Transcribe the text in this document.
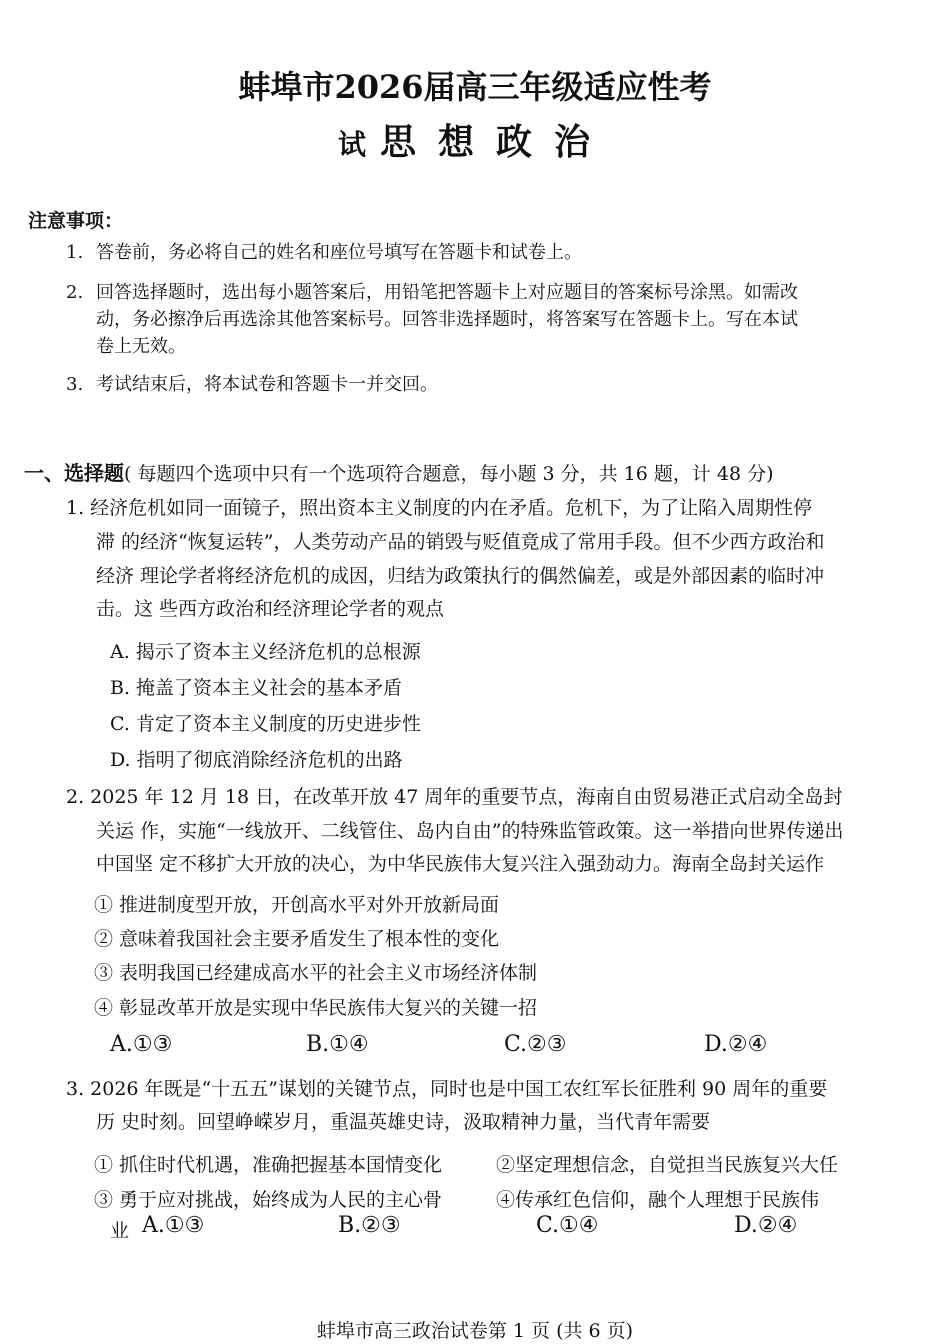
蚌埠市2026届高三年级适应性考
试 思想政治
注意事项：
1. 答卷前，务必将自己的姓名和座位号填写在答题卡和试卷上。
2. 回答选择题时，选出每小题答案后，用铅笔把答题卡上对应题目的答案标号涂黑。如需改
动，务必擦净后再选涂其他答案标号。回答非选择题时，将答案写在答题卡上。写在本试
卷上无效。
3. 考试结束后，将本试卷和答题卡一并交回。
一、选择题( 每题四个选项中只有一个选项符合题意，每小题 3 分，共 16 题，计 48 分)
1. 经济危机如同一面镜子，照出资本主义制度的内在矛盾。危机下，为了让陷入周期性停
滞 的经济“恢复运转”，人类劳动产品的销毁与贬值竟成了常用手段。但不少西方政治和
经济 理论学者将经济危机的成因，归结为政策执行的偶然偏差，或是外部因素的临时冲
击。这 些西方政治和经济理论学者的观点
A. 揭示了资本主义经济危机的总根源
B. 掩盖了资本主义社会的基本矛盾
C. 肯定了资本主义制度的历史进步性
D. 指明了彻底消除经济危机的出路
2. 2025 年 12 月 18 日，在改革开放 47 周年的重要节点，海南自由贸易港正式启动全岛封
关运 作，实施“一线放开、二线管住、岛内自由”的特殊监管政策。这一举措向世界传递出
中国坚 定不移扩大开放的决心，为中华民族伟大复兴注入强劲动力。海南全岛封关运作
① 推进制度型开放，开创高水平对外开放新局面
② 意味着我国社会主要矛盾发生了根本性的变化
③ 表明我国已经建成高水平的社会主义市场经济体制
④ 彰显改革开放是实现中华民族伟大复兴的关键一招
A.①③	B.①④	C.②③	D.②④
3. 2026 年既是“十五五”谋划的关键节点，同时也是中国工农红军长征胜利 90 周年的重要
历 史时刻。回望峥嵘岁月，重温英雄史诗，汲取精神力量，当代青年需要
① 抓住时代机遇，准确把握基本国情变化	②坚定理想信念，自觉担当民族复兴大任
③ 勇于应对挑战，始终成为人民的主心骨	④传承红色信仰，融个人理想于民族伟
业 A.①③	B.②③	C.①④	D.②④
蚌埠市高三政治试卷第 1 页 (共 6 页)
